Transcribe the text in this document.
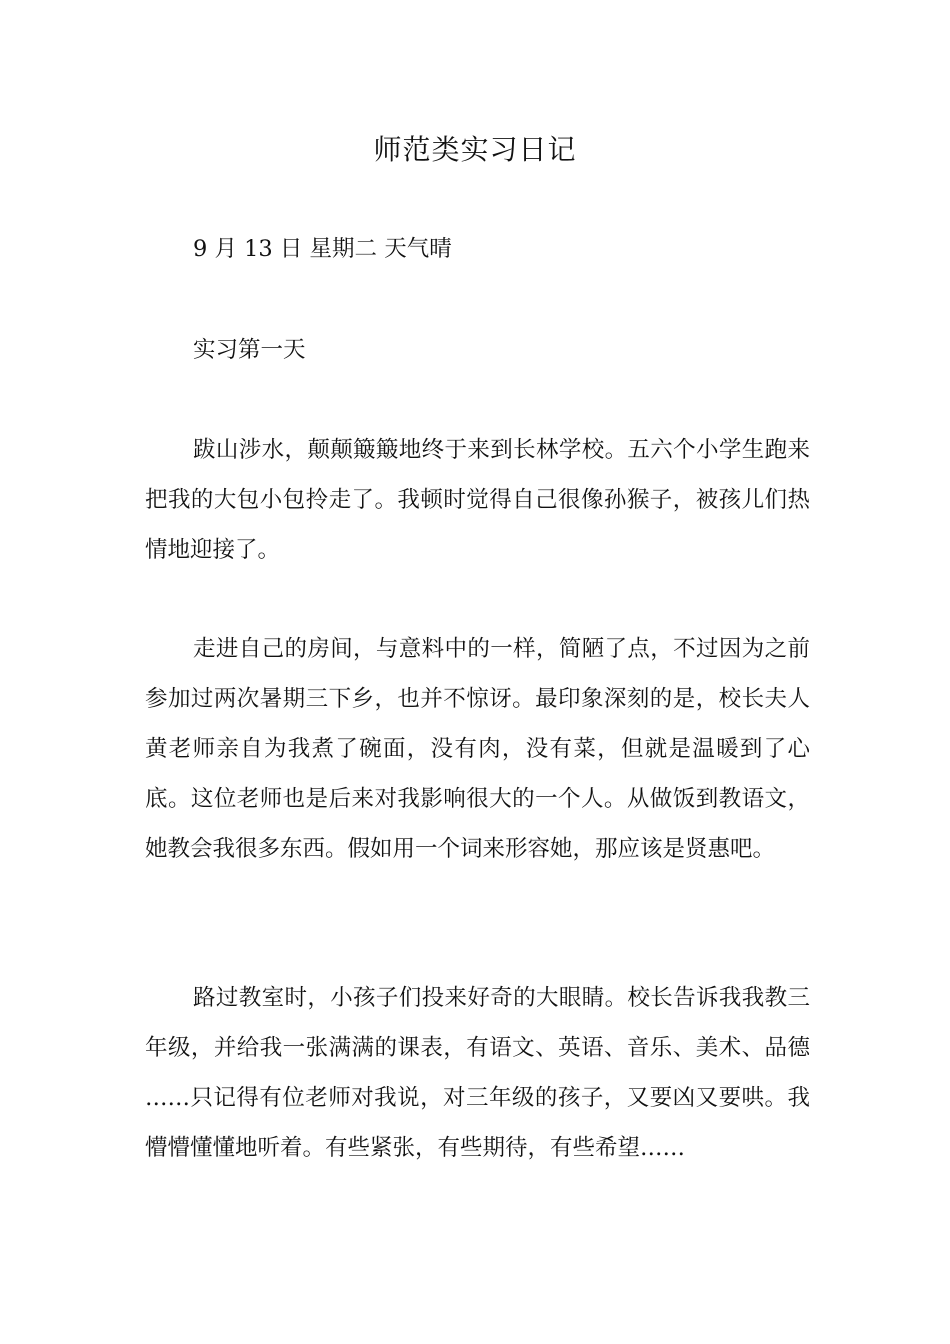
师范类实习日记
9 月 13 日 星期二 天气晴
实习第一天
跋山涉水，颠颠簸簸地终于来到长林学校。五六个小学生跑来把我的大包小包拎走了。我顿时觉得自己很像孙猴子，被孩儿们热情地迎接了。
走进自己的房间，与意料中的一样，简陋了点，不过因为之前参加过两次暑期三下乡，也并不惊讶。最印象深刻的是，校长夫人黄老师亲自为我煮了碗面，没有肉，没有菜，但就是温暖到了心底。这位老师也是后来对我影响很大的一个人。从做饭到教语文，她教会我很多东西。假如用一个词来形容她，那应该是贤惠吧。
路过教室时，小孩子们投来好奇的大眼睛。校长告诉我我教三年级，并给我一张满满的课表，有语文、英语、音乐、美术、品德 ……只记得有位老师对我说，对三年级的孩子，又要凶又要哄。我懵懵懂懂地听着。有些紧张，有些期待，有些希望……
